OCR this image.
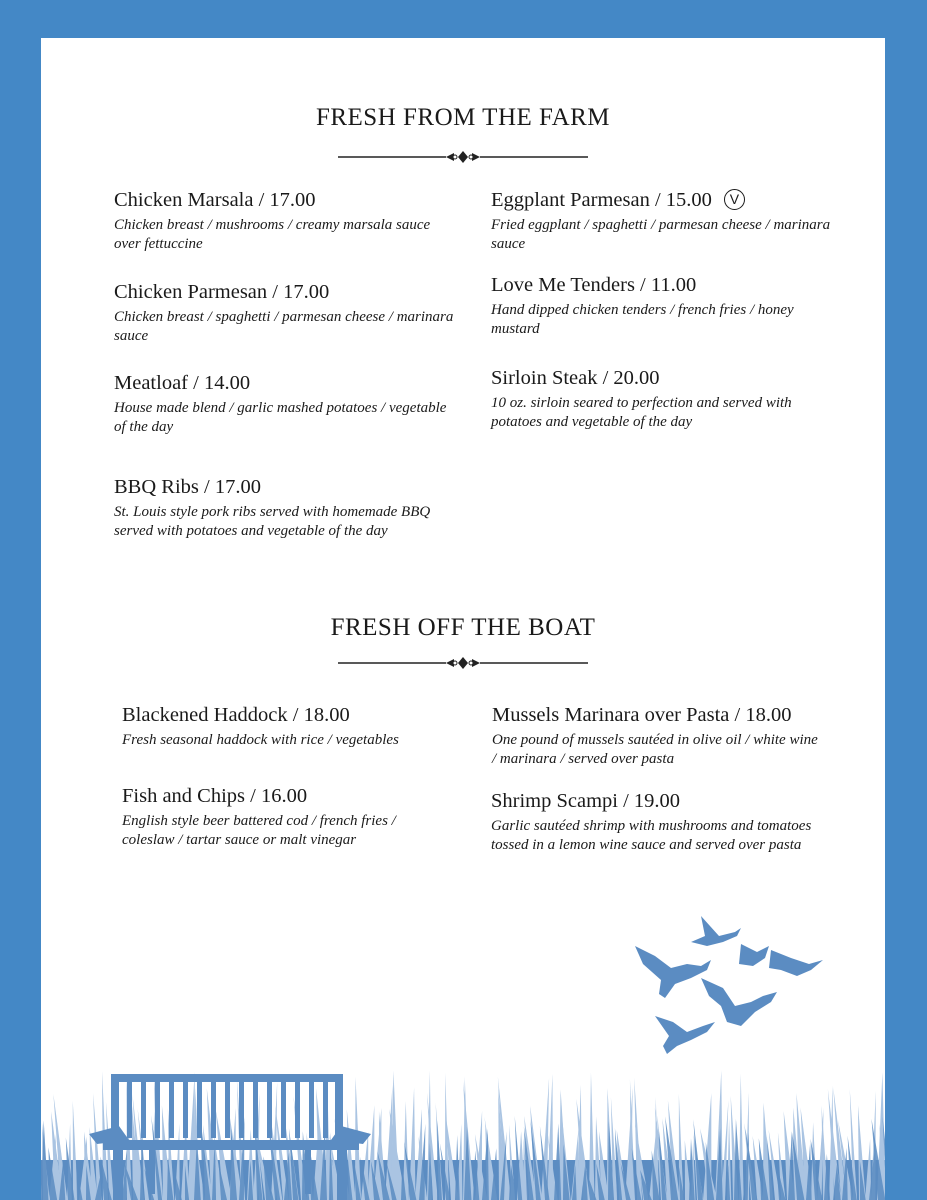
FRESH FROM THE FARM
Chicken Marsala / 17.00
Chicken breast / mushrooms / creamy marsala sauce over fettuccine
Chicken Parmesan / 17.00
Chicken breast / spaghetti / parmesan cheese / marinara sauce
Meatloaf / 14.00
House made blend / garlic mashed potatoes / vegetable of the day
BBQ Ribs / 17.00
St. Louis style pork ribs served with homemade BBQ served with potatoes and vegetable of the day
Eggplant Parmesan / 15.00 V
Fried eggplant / spaghetti / parmesan cheese / marinara sauce
Love Me Tenders / 11.00
Hand dipped chicken tenders / french fries / honey mustard
Sirloin Steak / 20.00
10 oz. sirloin seared to perfection and served with potatoes and vegetable of the day
FRESH OFF THE BOAT
Blackened Haddock / 18.00
Fresh seasonal haddock with rice / vegetables
Fish and Chips / 16.00
English style beer battered cod / french fries / coleslaw / tartar sauce or malt vinegar
Mussels Marinara over Pasta / 18.00
One pound of mussels sautéed in olive oil / white wine / marinara / served over pasta
Shrimp Scampi / 19.00
Garlic sautéed shrimp with mushrooms and tomatoes tossed in a lemon wine sauce and served over pasta
